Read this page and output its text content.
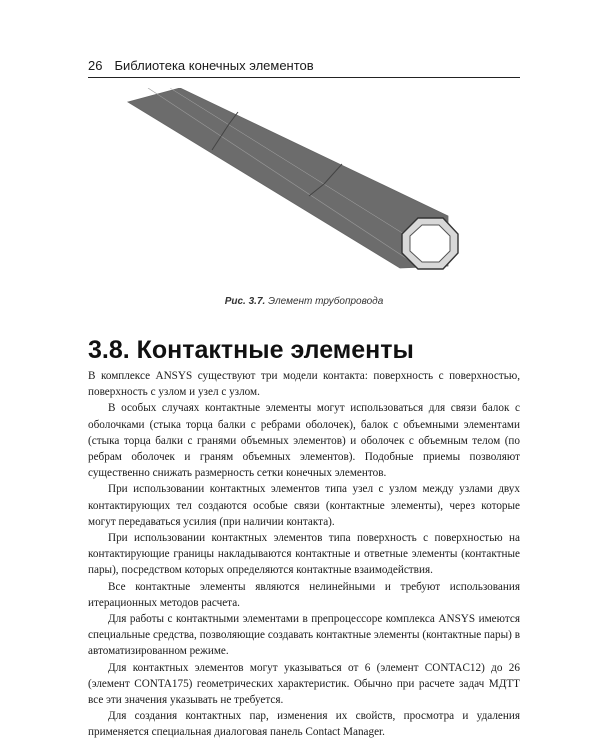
26 Библиотека конечных элементов
Рис. 3.7. Элемент трубопровода
3.8. Контактные элементы

В комплексе ANSYS существуют три модели контакта: поверхность с поверхностью, поверхность с узлом и узел с узлом.

В особых случаях контактные элементы могут использоваться для связи балок с оболочками (стыка торца балки с ребрами оболочек), балок с объемными элементами (стыка торца балки с гранями объемных элементов) и оболочек с объемным телом (по ребрам оболочек и граням объемных элементов). Подобные приемы позволяют существенно снижать размерность сетки конечных элементов.

При использовании контактных элементов типа узел с узлом между узлами двух контактирующих тел создаются особые связи (контактные элементы), через которые могут передаваться усилия (при наличии контакта).

При использовании контактных элементов типа поверхность с поверхностью на контактирующие границы накладываются контактные и ответные элементы (контактные пары), посредством которых определяются контактные взаимодействия.

Все контактные элементы являются нелинейными и требуют использования итерационных методов расчета.

Для работы с контактными элементами в препроцессоре комплекса ANSYS имеются специальные средства, позволяющие создавать контактные элементы (контактные пары) в автоматизированном режиме.

Для контактных элементов могут указываться от 6 (элемент CONTAC12) до 26 (элемент CONTA175) геометрических характеристик. Обычно при расчете задач МДТТ все эти значения указывать не требуется.

Для создания контактных пар, изменения их свойств, просмотра и удаления применяется специальная диалоговая панель Contact Manager.
